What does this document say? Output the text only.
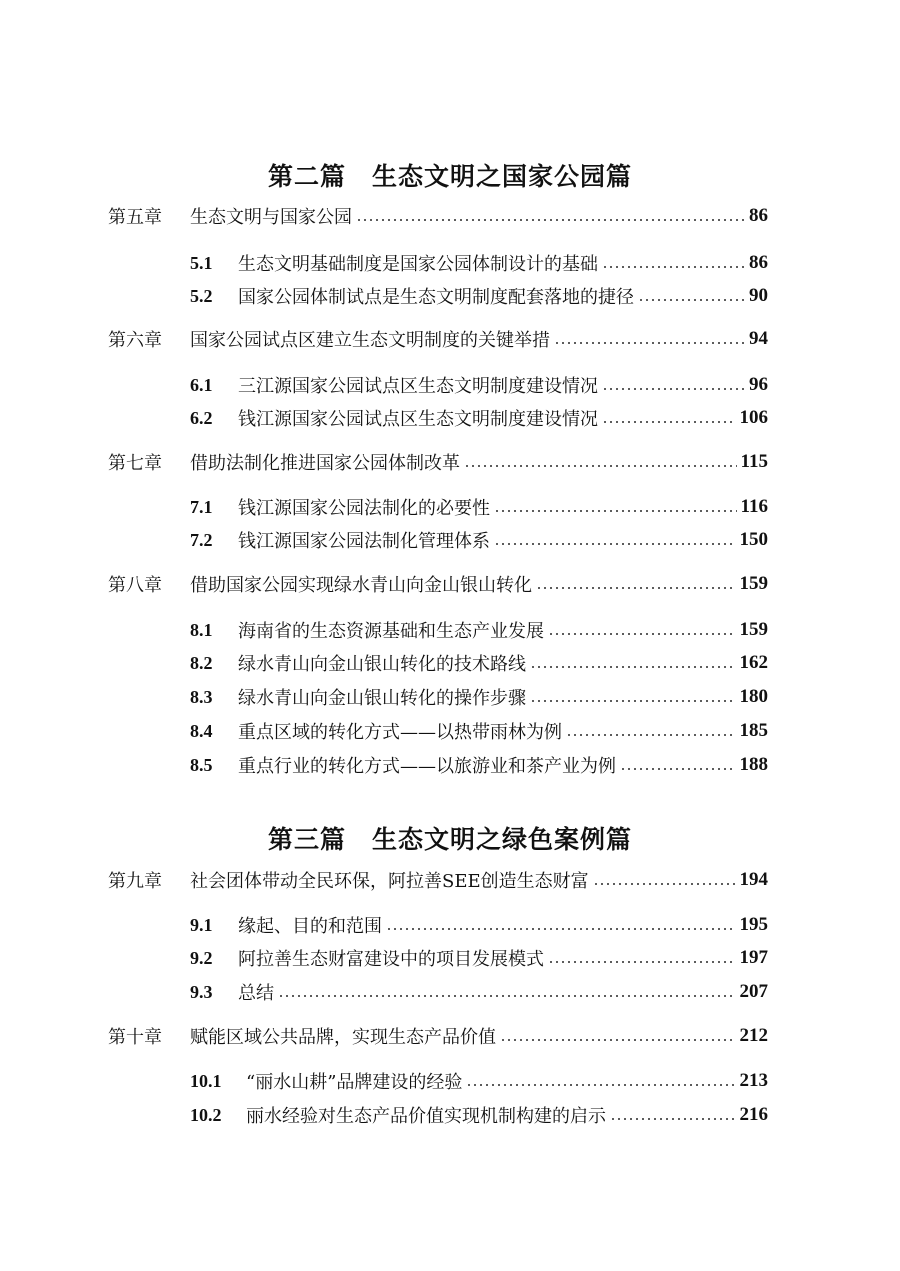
第二篇　生态文明之国家公园篇
第五章	生态文明与国家公园	86
5.1	生态文明基础制度是国家公园体制设计的基础	86
5.2	国家公园体制试点是生态文明制度配套落地的捷径	90
第六章	国家公园试点区建立生态文明制度的关键举措	94
6.1	三江源国家公园试点区生态文明制度建设情况	96
6.2	钱江源国家公园试点区生态文明制度建设情况	106
第七章	借助法制化推进国家公园体制改革	115
7.1	钱江源国家公园法制化的必要性	116
7.2	钱江源国家公园法制化管理体系	150
第八章	借助国家公园实现绿水青山向金山银山转化	159
8.1	海南省的生态资源基础和生态产业发展	159
8.2	绿水青山向金山银山转化的技术路线	162
8.3	绿水青山向金山银山转化的操作步骤	180
8.4	重点区域的转化方式——以热带雨林为例	185
8.5	重点行业的转化方式——以旅游业和茶产业为例	188
第三篇　生态文明之绿色案例篇
第九章	社会团体带动全民环保，阿拉善SEE创造生态财富	194
9.1	缘起、目的和范围	195
9.2	阿拉善生态财富建设中的项目发展模式	197
9.3	总结	207
第十章	赋能区域公共品牌，实现生态产品价值	212
10.1	“丽水山耕”品牌建设的经验	213
10.2	丽水经验对生态产品价值实现机制构建的启示	216
